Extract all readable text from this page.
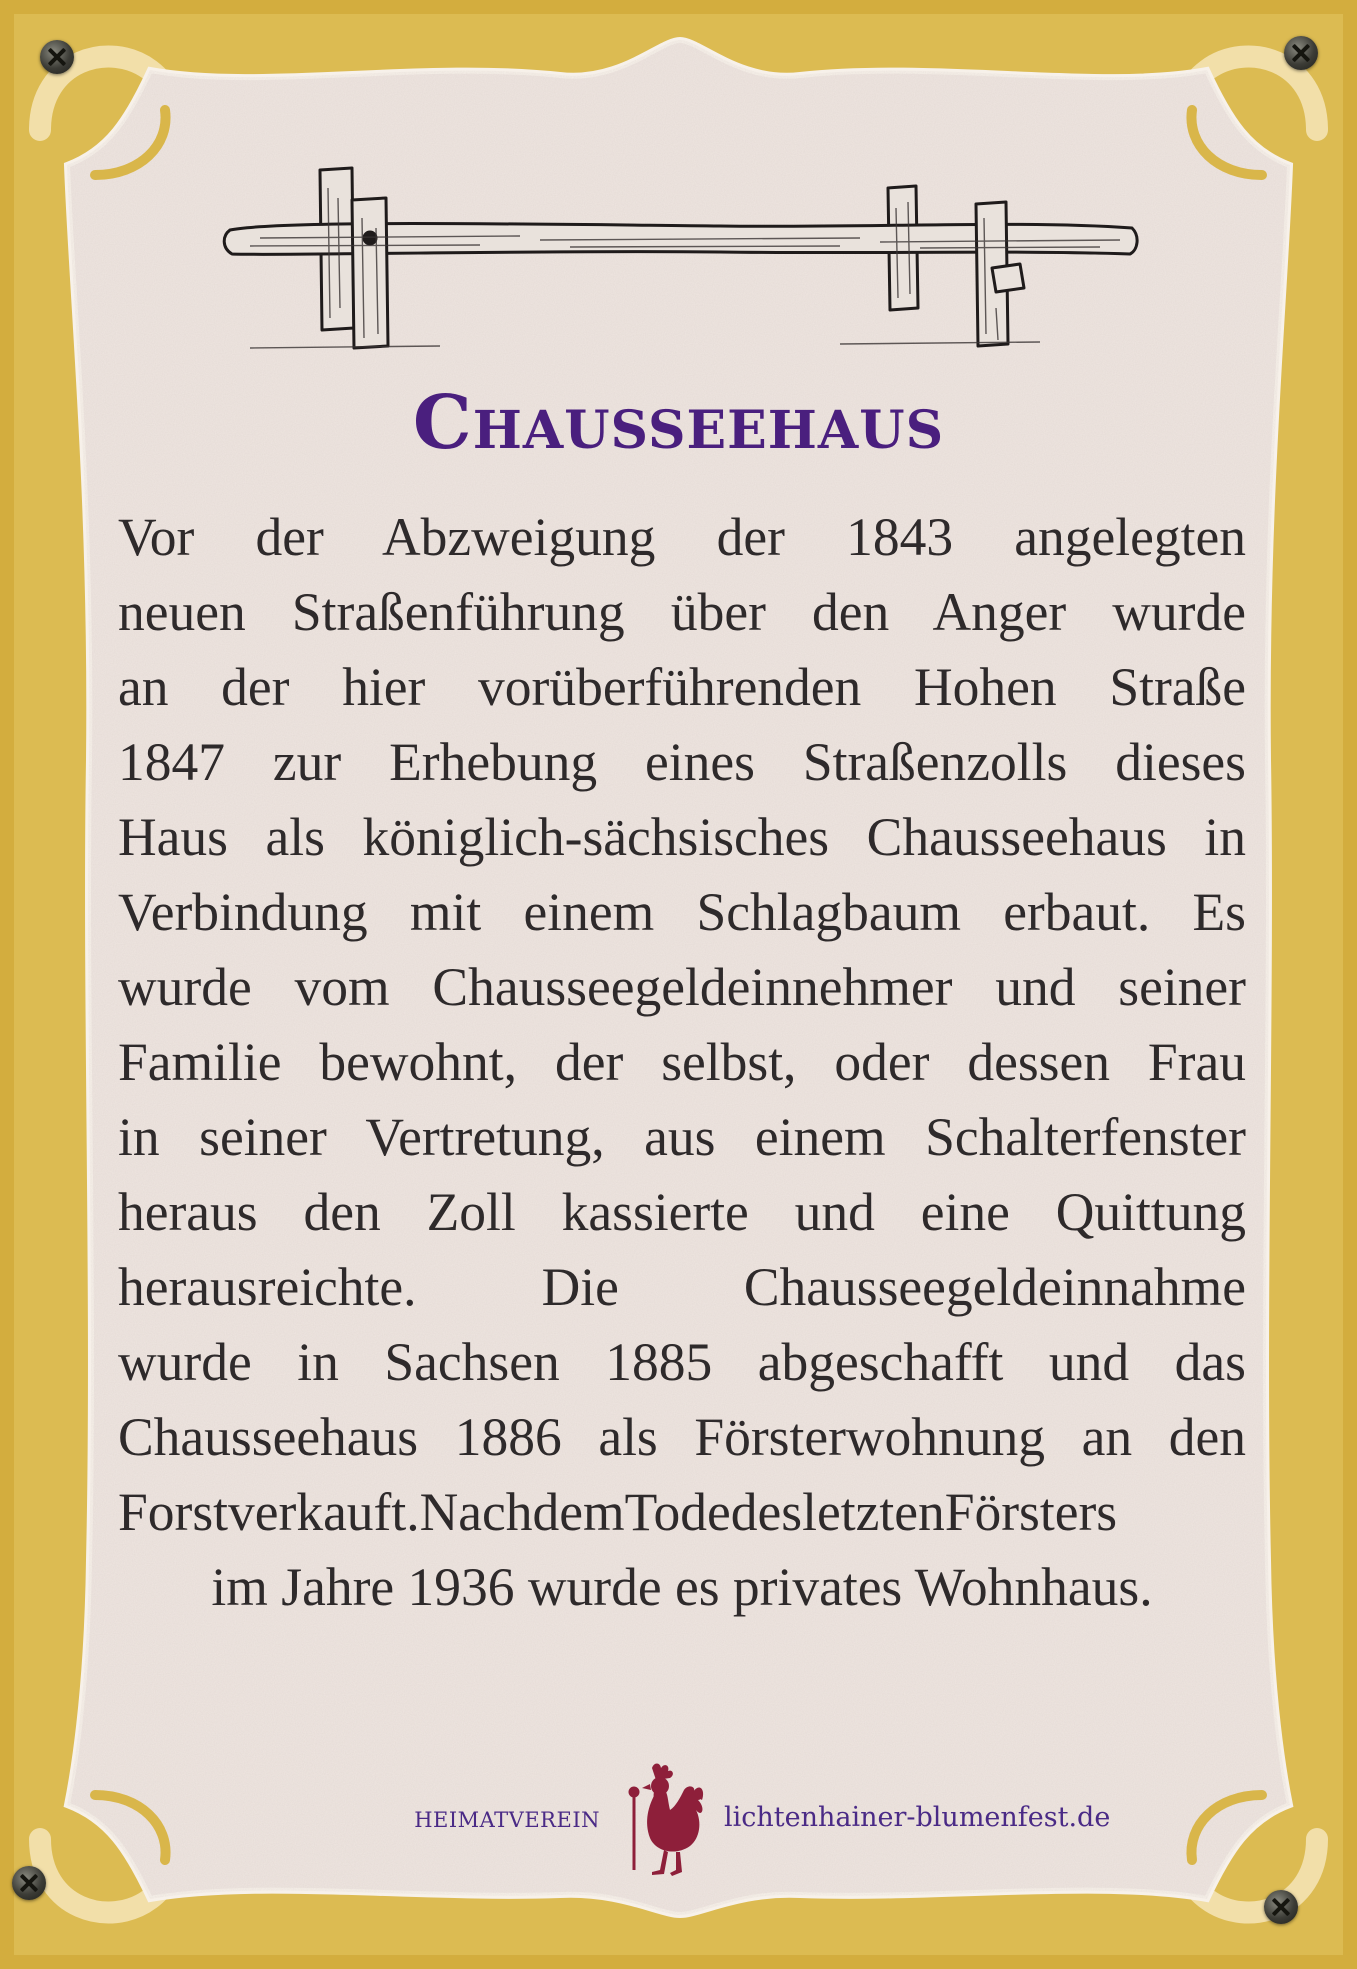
Chausseehaus
Vor der Abzweigung der 1843 angelegten
neuen Straßenführung über den Anger wurde
an der hier vorüberführenden Hohen Straße
1847 zur Erhebung eines Straßenzolls dieses
Haus als königlich-sächsisches Chausseehaus in
Verbindung mit einem Schlagbaum erbaut. Es
wurde vom Chausseegeldeinnehmer und seiner
Familie bewohnt, der selbst, oder dessen Frau
in seiner Vertretung, aus einem Schalterfenster
heraus den Zoll kassierte und eine Quittung
herausreichte. Die Chausseegeldeinnahme
wurde in Sachsen 1885 abgeschafft und das
Chausseehaus 1886 als Försterwohnung an den
Forstverkauft.NachdemTodedesletztenFörsters
im Jahre 1936 wurde es privates Wohnhaus.
HEIMATVEREIN	lichtenhainer-blumenfest.de
